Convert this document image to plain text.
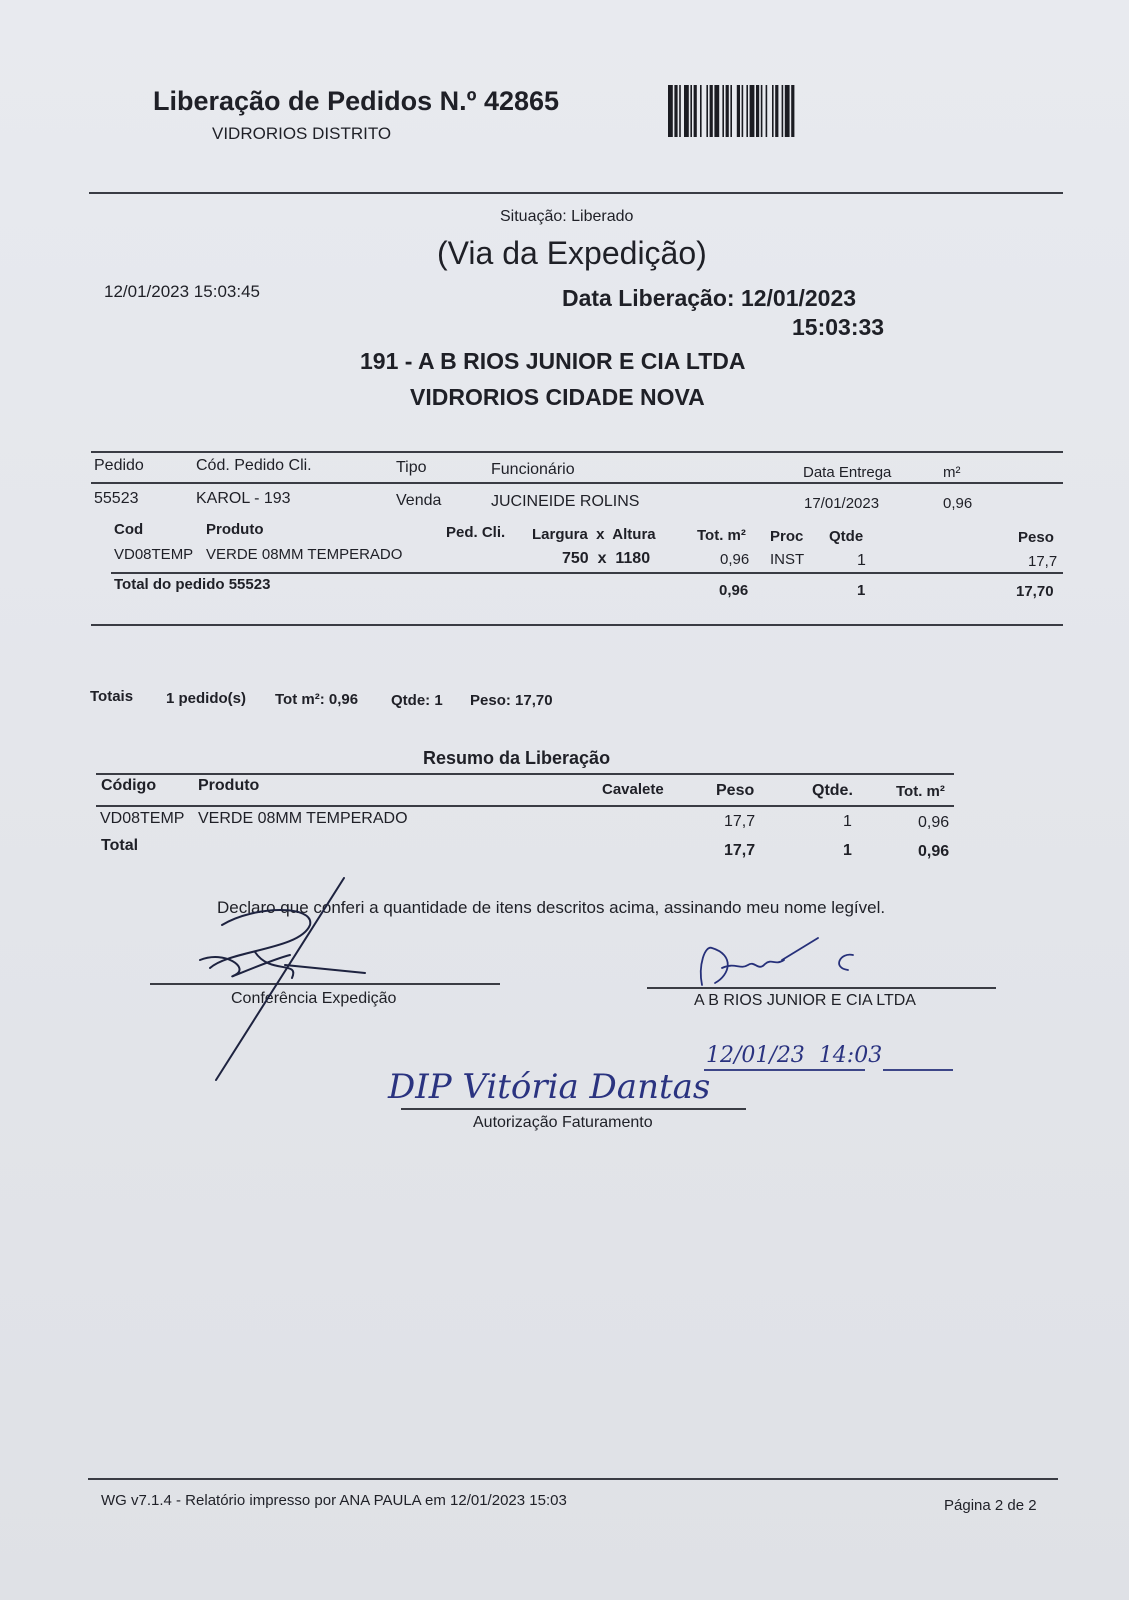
Liberação de Pedidos N.º 42865
VIDRORIOS DISTRITO
Situação: Liberado
(Via da Expedição)
12/01/2023 15:03:45	Data Liberação: 12/01/2023
15:03:33
191 - A B RIOS JUNIOR E CIA LTDA
VIDRORIOS CIDADE NOVA
Pedido	Cód. Pedido Cli.	Tipo	Funcionário	Data Entrega	m²
55523	KAROL - 193	Venda	JUCINEIDE ROLINS	17/01/2023	0,96
Cod	Produto	Ped. Cli. Largura  x  Altura	Tot. m² Proc Qtde	Peso
VD08TEMP VERDE 08MM TEMPERADO	750  x  1180	0,96 INST	1	17,7
Total do pedido 55523	0,96	1	17,70
Totais 1 pedido(s) Tot m²: 0,96 Qtde: 1 Peso: 17,70
Resumo da Liberação
Código	Produto	Cavalete	Peso	Qtde.	Tot. m²
VD08TEMP VERDE 08MM TEMPERADO	17,7	1	0,96
Total	17,7	1	0,96
Declaro que conferi a quantidade de itens descritos acima, assinando meu nome legível.
Conferência Expedição	A B RIOS JUNIOR E CIA LTDA
Autorização Faturamento
12/01/23  14:03
DIP Vitória Dantas
WG v7.1.4 - Relatório impresso por ANA PAULA em 12/01/2023 15:03	Página 2 de 2
